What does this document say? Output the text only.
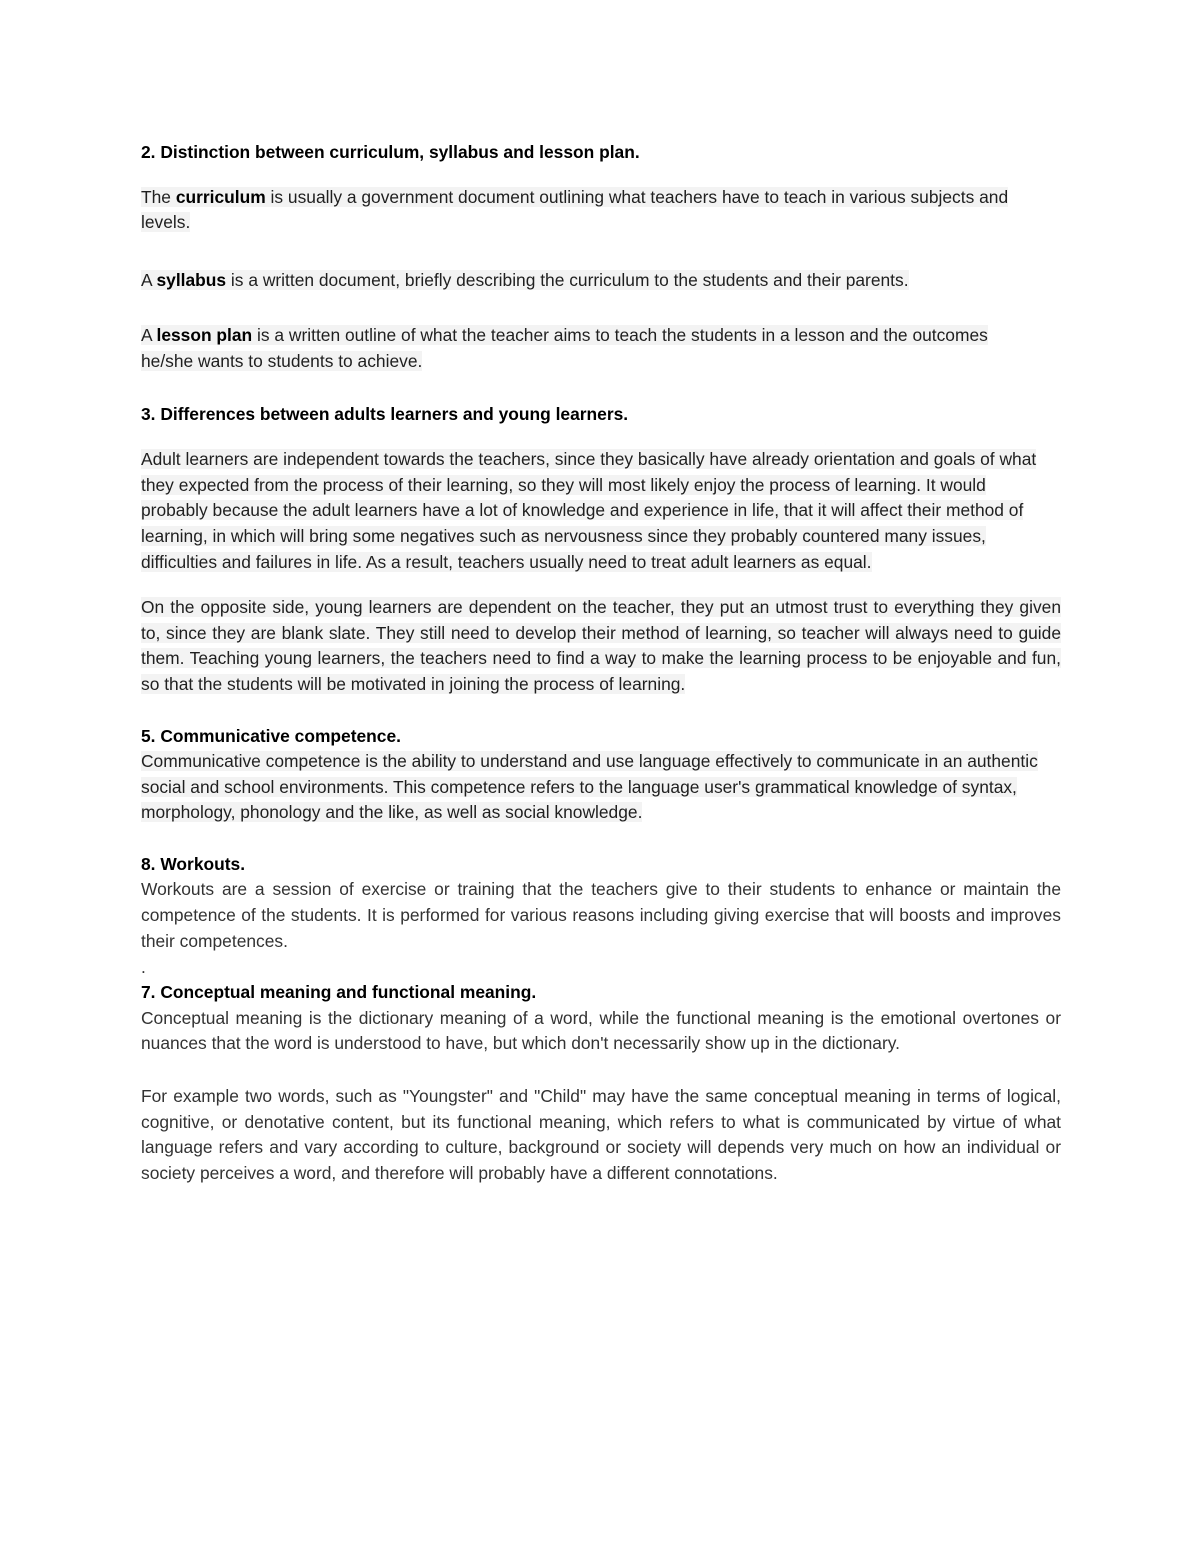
2. Distinction between curriculum, syllabus and lesson plan.

The curriculum is usually a government document outlining what teachers have to teach in various subjects and levels.

A syllabus is a written document, briefly describing the curriculum to the students and their parents.

A lesson plan is a written outline of what the teacher aims to teach the students in a lesson and the outcomes he/she wants to students to achieve.

3. Differences between adults learners and young learners.

Adult learners are independent towards the teachers, since they basically have already orientation and goals of what they expected from the process of their learning, so they will most likely enjoy the process of learning. It would probably because the adult learners have a lot of knowledge and experience in life, that it will affect their method of learning, in which will bring some negatives such as nervousness since they probably countered many issues, difficulties and failures in life. As a result, teachers usually need to treat adult learners as equal.

On the opposite side, young learners are dependent on the teacher, they put an utmost trust to everything they given to, since they are blank slate. They still need to develop their method of learning, so teacher will always need to guide them. Teaching young learners, the teachers need to find a way to make the learning process to be enjoyable and fun, so that the students will be motivated in joining the process of learning.

5. Communicative competence.

Communicative competence is the ability to understand and use language effectively to communicate in an authentic social and school environments. This competence refers to the language user's grammatical knowledge of syntax, morphology, phonology and the like, as well as social knowledge.

8. Workouts.

Workouts are a session of exercise or training that the teachers give to their students to enhance or maintain the competence of the students. It is performed for various reasons including giving exercise that will boosts and improves their competences.

.

7. Conceptual meaning and functional meaning.

Conceptual meaning is the dictionary meaning of a word, while the functional meaning is the emotional overtones or nuances that the word is understood to have, but which don't necessarily show up in the dictionary.

For example two words, such as "Youngster" and "Child" may have the same conceptual meaning in terms of logical, cognitive, or denotative content, but its functional meaning, which refers to what is communicated by virtue of what language refers and vary according to culture, background or society will depends very much on how an individual or society perceives a word, and therefore will probably have a different connotations.
